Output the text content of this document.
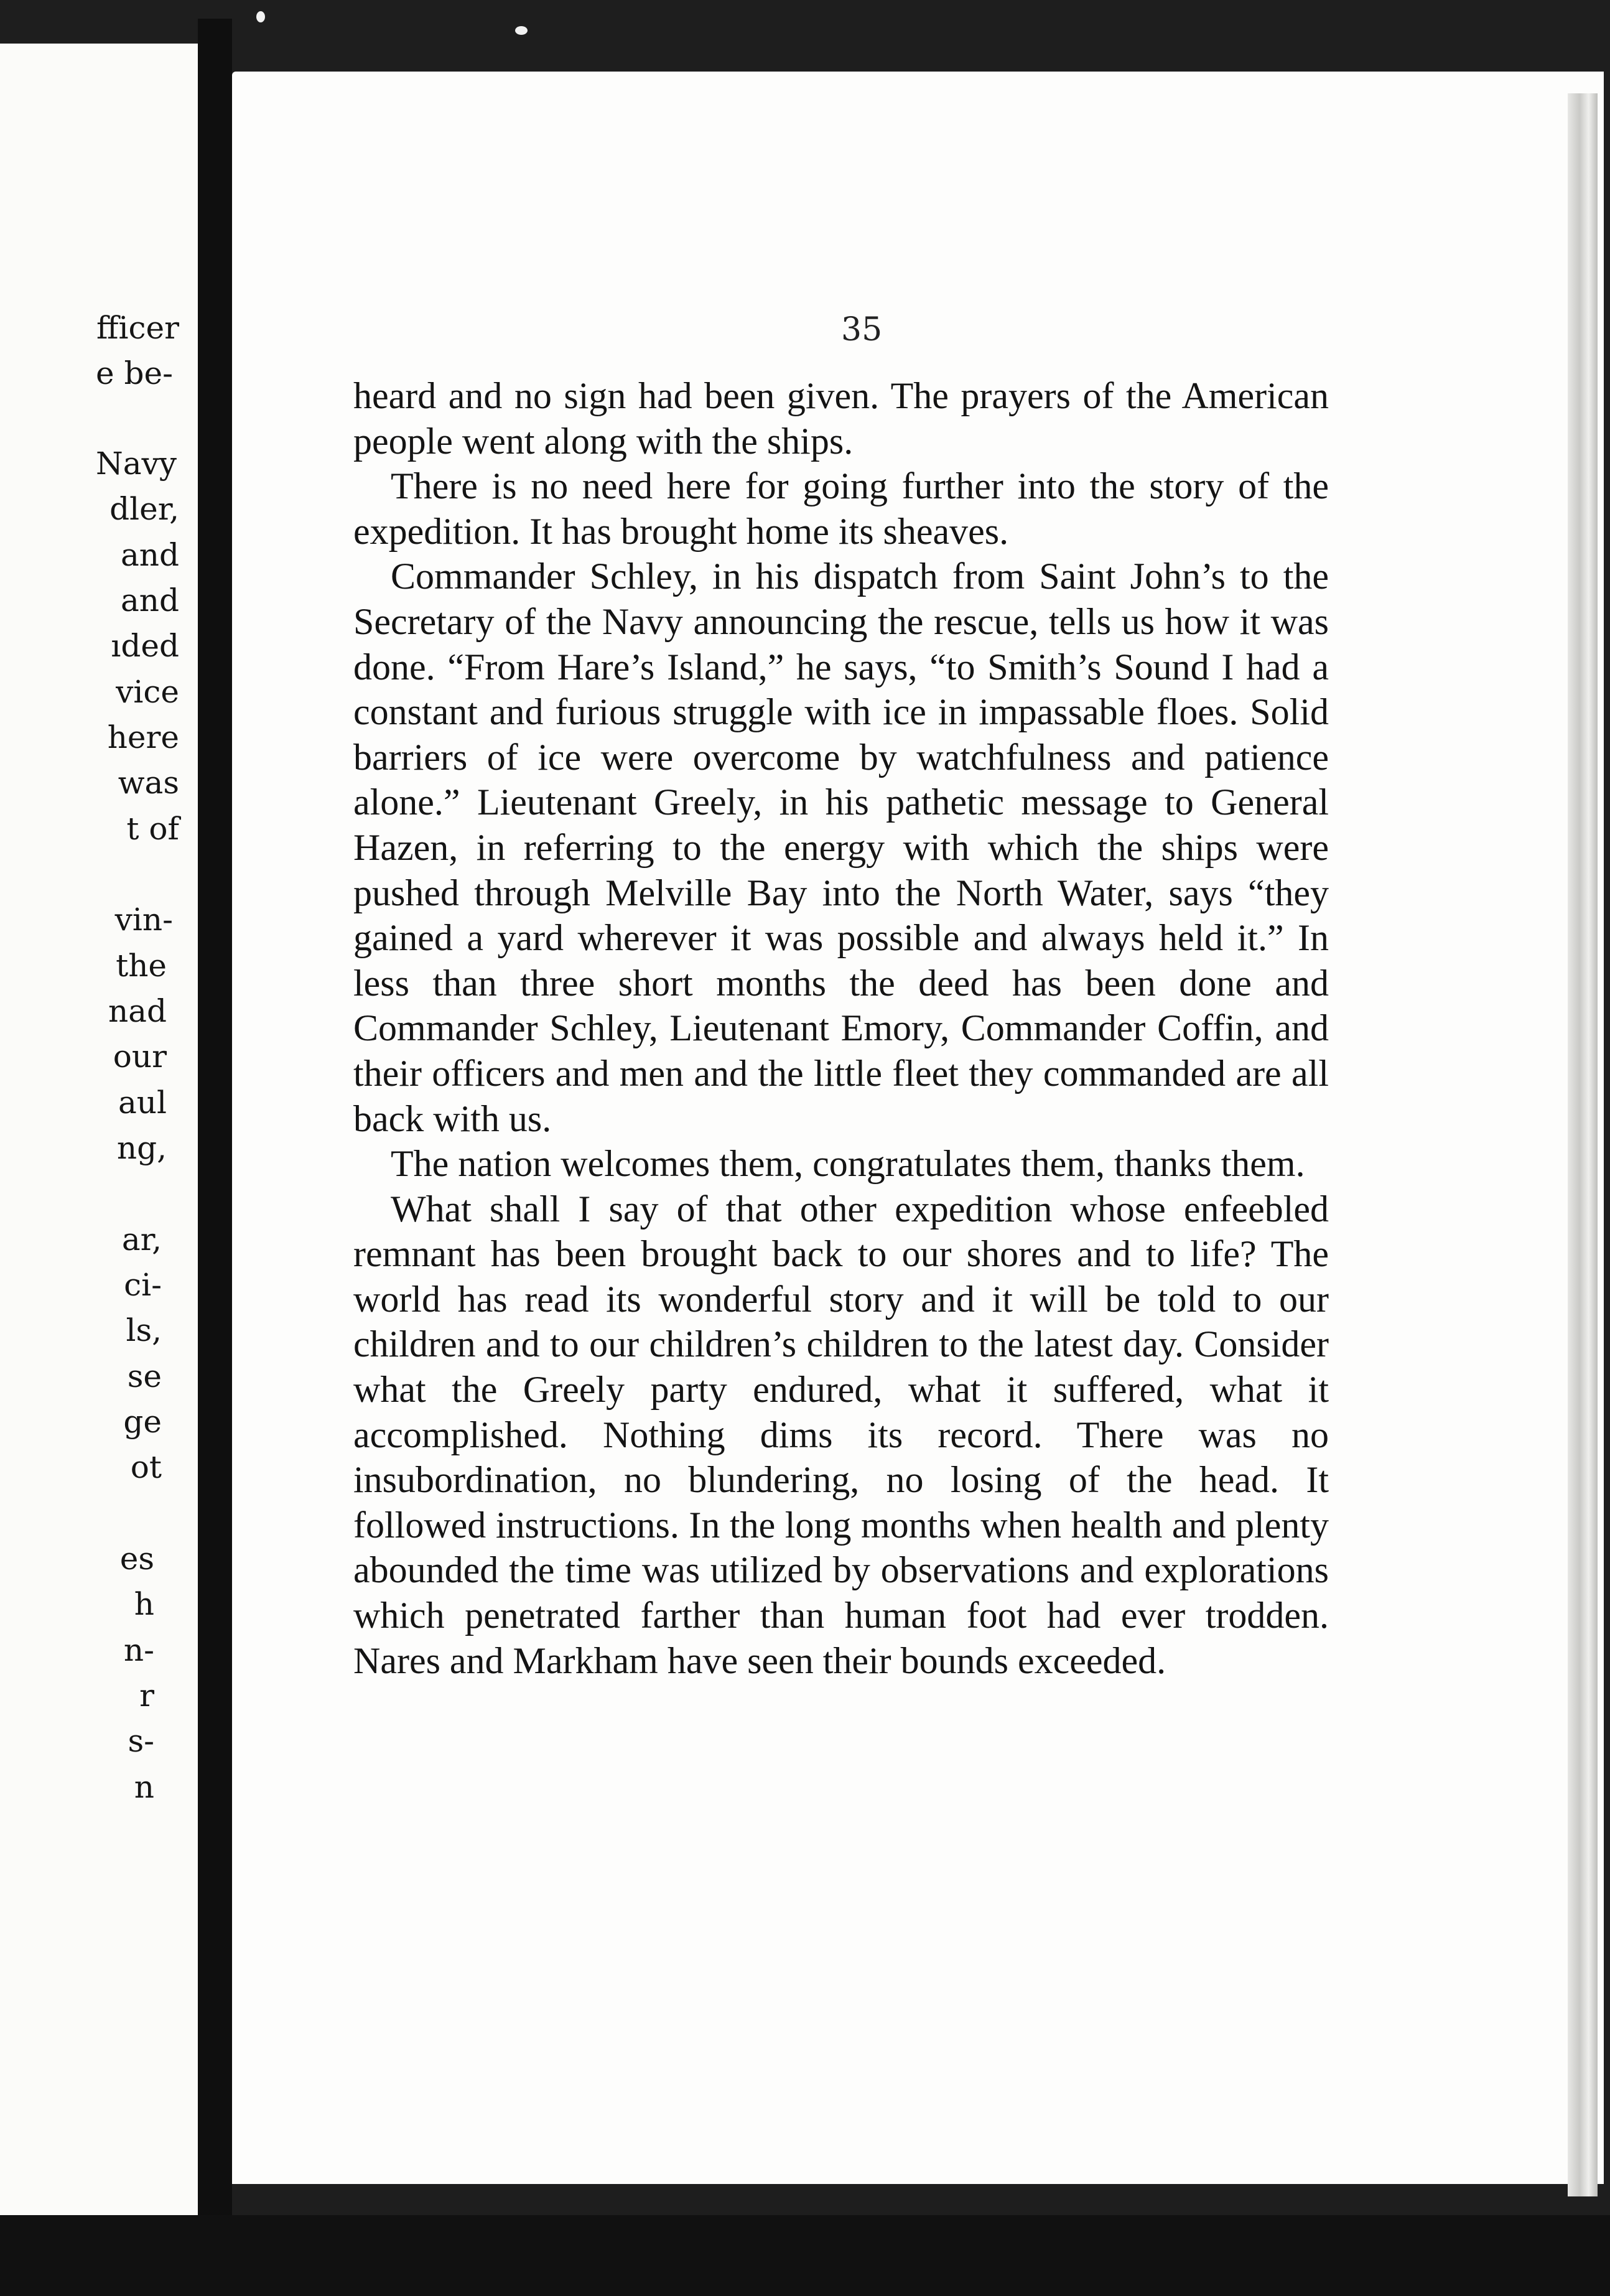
fficer
e be-
Navy
dler,
and
and
ıded
vice
here
was
t of
vin-
the
nad
our
aul
ng,
ar,
ci-
ls,
se
ge
ot
es
h
n-
r
s-
n
35

heard and no sign had been given. The prayers of the American people went along with the ships.

There is no need here for going further into the story of the expedition. It has brought home its sheaves.

Commander Schley, in his dispatch from Saint John’s to the Secretary of the Navy announcing the rescue, tells us how it was done. “From Hare’s Island,” he says, “to Smith’s Sound I had a constant and furious struggle with ice in impassable floes. Solid barriers of ice were overcome by watchfulness and patience alone.” Lieutenant Greely, in his pathetic message to General Hazen, in referring to the energy with which the ships were pushed through Melville Bay into the North Water, says “they gained a yard wherever it was possible and always held it.” In less than three short months the deed has been done and Commander Schley, Lieutenant Emory, Commander Coffin, and their officers and men and the little fleet they commanded are all back with us.

The nation welcomes them, congratulates them, thanks them.

What shall I say of that other expedition whose enfeebled remnant has been brought back to our shores and to life? The world has read its wonderful story and it will be told to our children and to our children’s children to the latest day. Consider what the Greely party endured, what it suffered, what it accomplished. Nothing dims its record. There was no insubordination, no blundering, no losing of the head. It followed instructions. In the long months when health and plenty abounded the time was utilized by observations and explorations which penetrated farther than human foot had ever trodden. Nares and Markham have seen their bounds exceeded.
